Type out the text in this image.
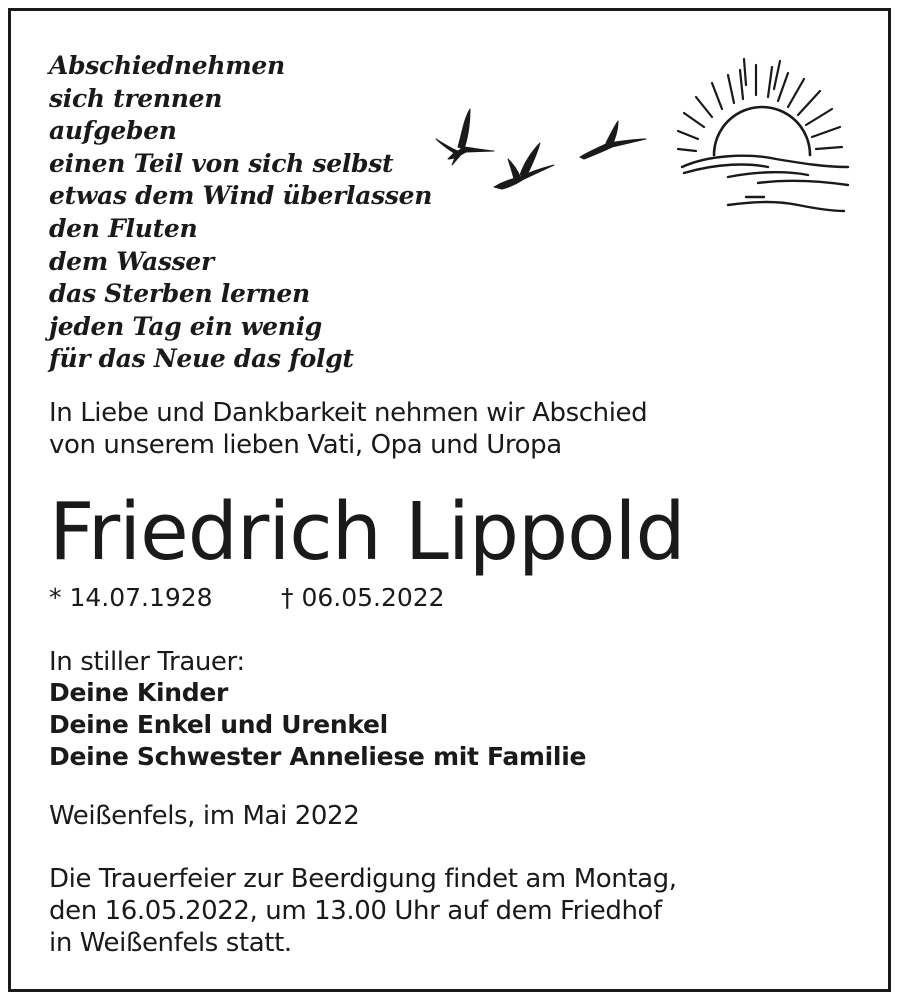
Abschiednehmen
sich trennen
aufgeben
einen Teil von sich selbst
etwas dem Wind überlassen
den Fluten
dem Wasser
das Sterben lernen
jeden Tag ein wenig
für das Neue das folgt
In Liebe und Dankbarkeit nehmen wir Abschied
von unserem lieben Vati, Opa und Uropa
Friedrich Lippold
* 14.07.1928	† 06.05.2022
In stiller Trauer:
Deine Kinder
Deine Enkel und Urenkel
Deine Schwester Anneliese mit Familie
Weißenfels, im Mai 2022
Die Trauerfeier zur Beerdigung findet am Montag,
den 16.05.2022, um 13.00 Uhr auf dem Friedhof
in Weißenfels statt.
